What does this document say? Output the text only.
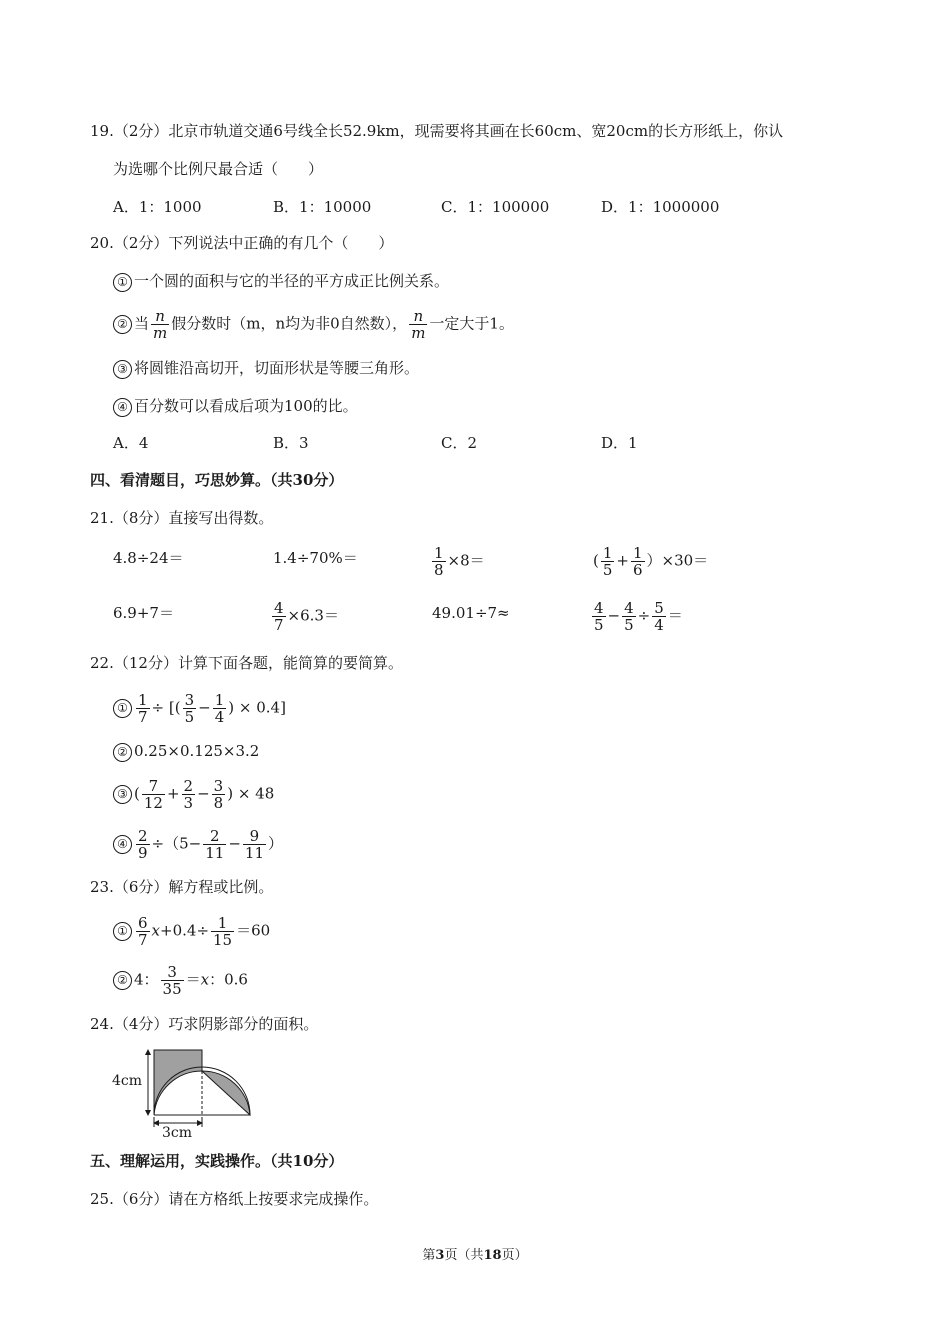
19.（2分）北京市轨道交通6号线全长52.9km，现需要将其画在长60cm、宽20cm的长方形纸上，你认
为选哪个比例尺最合适（　　）
A．1：1000	B．1：10000	C．1：100000	D．1：1000000
20.（2分）下列说法中正确的有几个（　　）
① 一个圆的面积与它的半径的平方成正比例关系。
② 当 $\frac{n}{m}$ 假分数时（m，n均为非0自然数）， $\frac{n}{m}$ 一定大于1。
③ 将圆锥沿高切开，切面形状是等腰三角形。
④ 百分数可以看成后项为100的比。
A．4	B．3	C．2	D．1
四、看清题目，巧思妙算。（共30分）
21.（8分）直接写出得数。
4.8÷24＝	1.4÷70%＝	$\frac{1}{8} \times 8=$	( $\frac{1}{5} + \frac{1}{6} )\times 30=$
6.9+7＝	$\frac{4}{7} \times 6.3=$	49.01÷7≈	$\frac{4}{5} - \frac{4}{5} \div \frac{5}{4}$ ＝
22.（12分）计算下面各题，能简算的要简算。
① $\frac{1}{7}$ ÷ [( $\frac{3}{5} - \frac{1}{4}$ ) × 0.4]
② 0.25×0.125×3.2
③ ( $\frac{7}{12} + \frac{2}{3} - \frac{3}{8}$ ) × 48
④ $\frac{2}{9} \div(5- \frac{2}{11} - \frac{9}{11}$ ）
23.（6分）解方程或比例。
① $\frac{6}{7} x+0.4\div \frac{1}{15} =60$
② 4： $\frac{3}{35} =x$：0.6
24.（4分）巧求阴影部分的面积。
4cm
3cm
五、理解运用，实践操作。（共10分）
25.（6分）请在方格纸上按要求完成操作。
第3页（共18页）
